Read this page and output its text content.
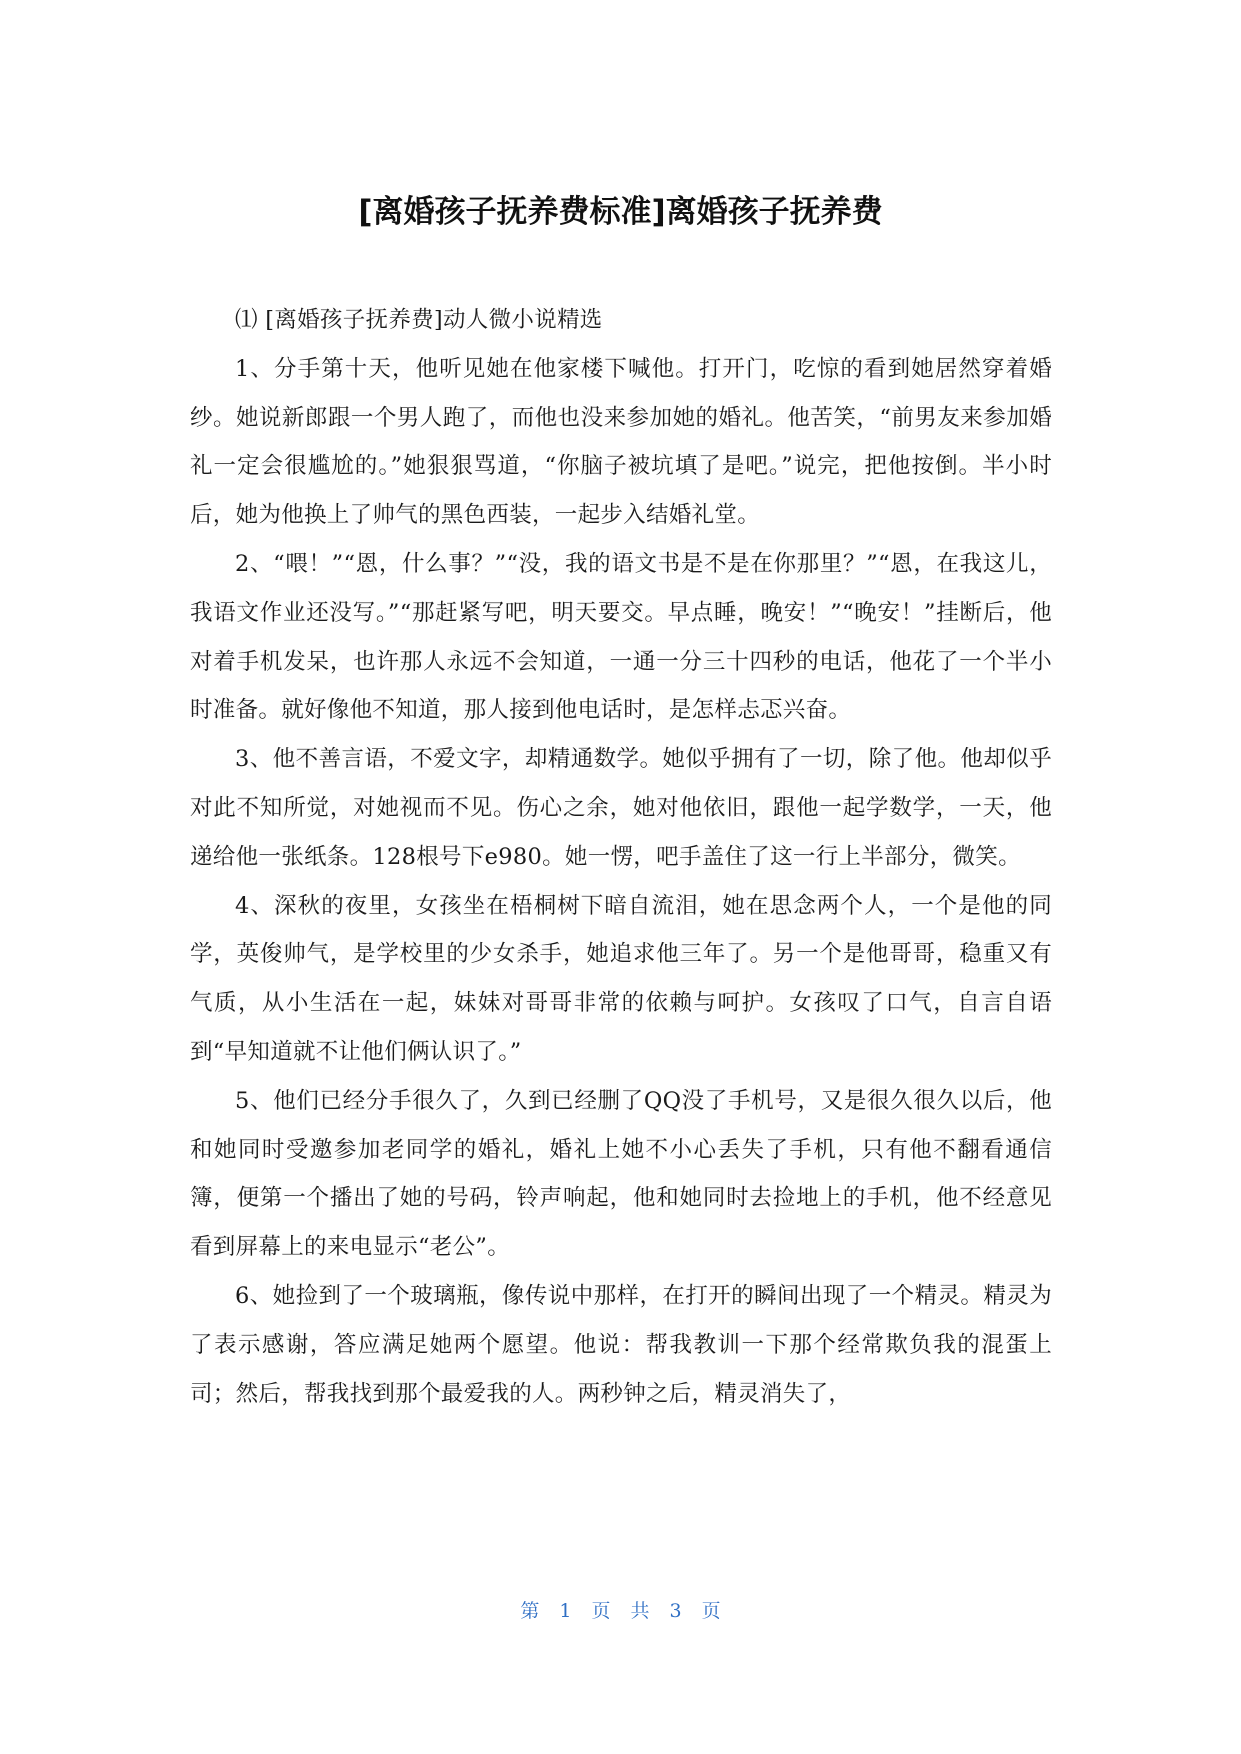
[离婚孩子抚养费标准]离婚孩子抚养费

⑴ [离婚孩子抚养费]动人微小说精选

1、分手第十天，他听见她在他家楼下喊他。打开门，吃惊的看到她居然穿着婚纱。她说新郎跟一个男人跑了，而他也没来参加她的婚礼。他苦笑，“前男友来参加婚礼一定会很尴尬的。”她狠狠骂道，“你脑子被坑填了是吧。”说完，把他按倒。半小时后，她为他换上了帅气的黑色西装，一起步入结婚礼堂。

2、“喂！”“恩，什么事？”“没，我的语文书是不是在你那里？”“恩，在我这儿，我语文作业还没写。”“那赶紧写吧，明天要交。早点睡，晚安！”“晚安！”挂断后，他对着手机发呆，也许那人永远不会知道，一通一分三十四秒的电话，他花了一个半小时准备。就好像他不知道，那人接到他电话时，是怎样忐忑兴奋。

3、他不善言语，不爱文字，却精通数学。她似乎拥有了一切，除了他。他却似乎对此不知所觉，对她视而不见。伤心之余，她对他依旧，跟他一起学数学，一天，他递给他一张纸条。128根号下e980。她一愣，吧手盖住了这一行上半部分，微笑。

4、深秋的夜里，女孩坐在梧桐树下暗自流泪，她在思念两个人，一个是他的同学，英俊帅气，是学校里的少女杀手，她追求他三年了。另一个是他哥哥，稳重又有气质，从小生活在一起，妹妹对哥哥非常的依赖与呵护。女孩叹了口气，自言自语到“早知道就不让他们俩认识了。”

5、他们已经分手很久了，久到已经删了QQ没了手机号，又是很久很久以后，他和她同时受邀参加老同学的婚礼，婚礼上她不小心丢失了手机，只有他不翻看通信簿，便第一个播出了她的号码，铃声响起，他和她同时去捡地上的手机，他不经意见看到屏幕上的来电显示“老公”。

6、她捡到了一个玻璃瓶，像传说中那样，在打开的瞬间出现了一个精灵。精灵为了表示感谢，答应满足她两个愿望。他说：帮我教训一下那个经常欺负我的混蛋上司；然后，帮我找到那个最爱我的人。两秒钟之后，精灵消失了，

第 1 页 共 3 页
